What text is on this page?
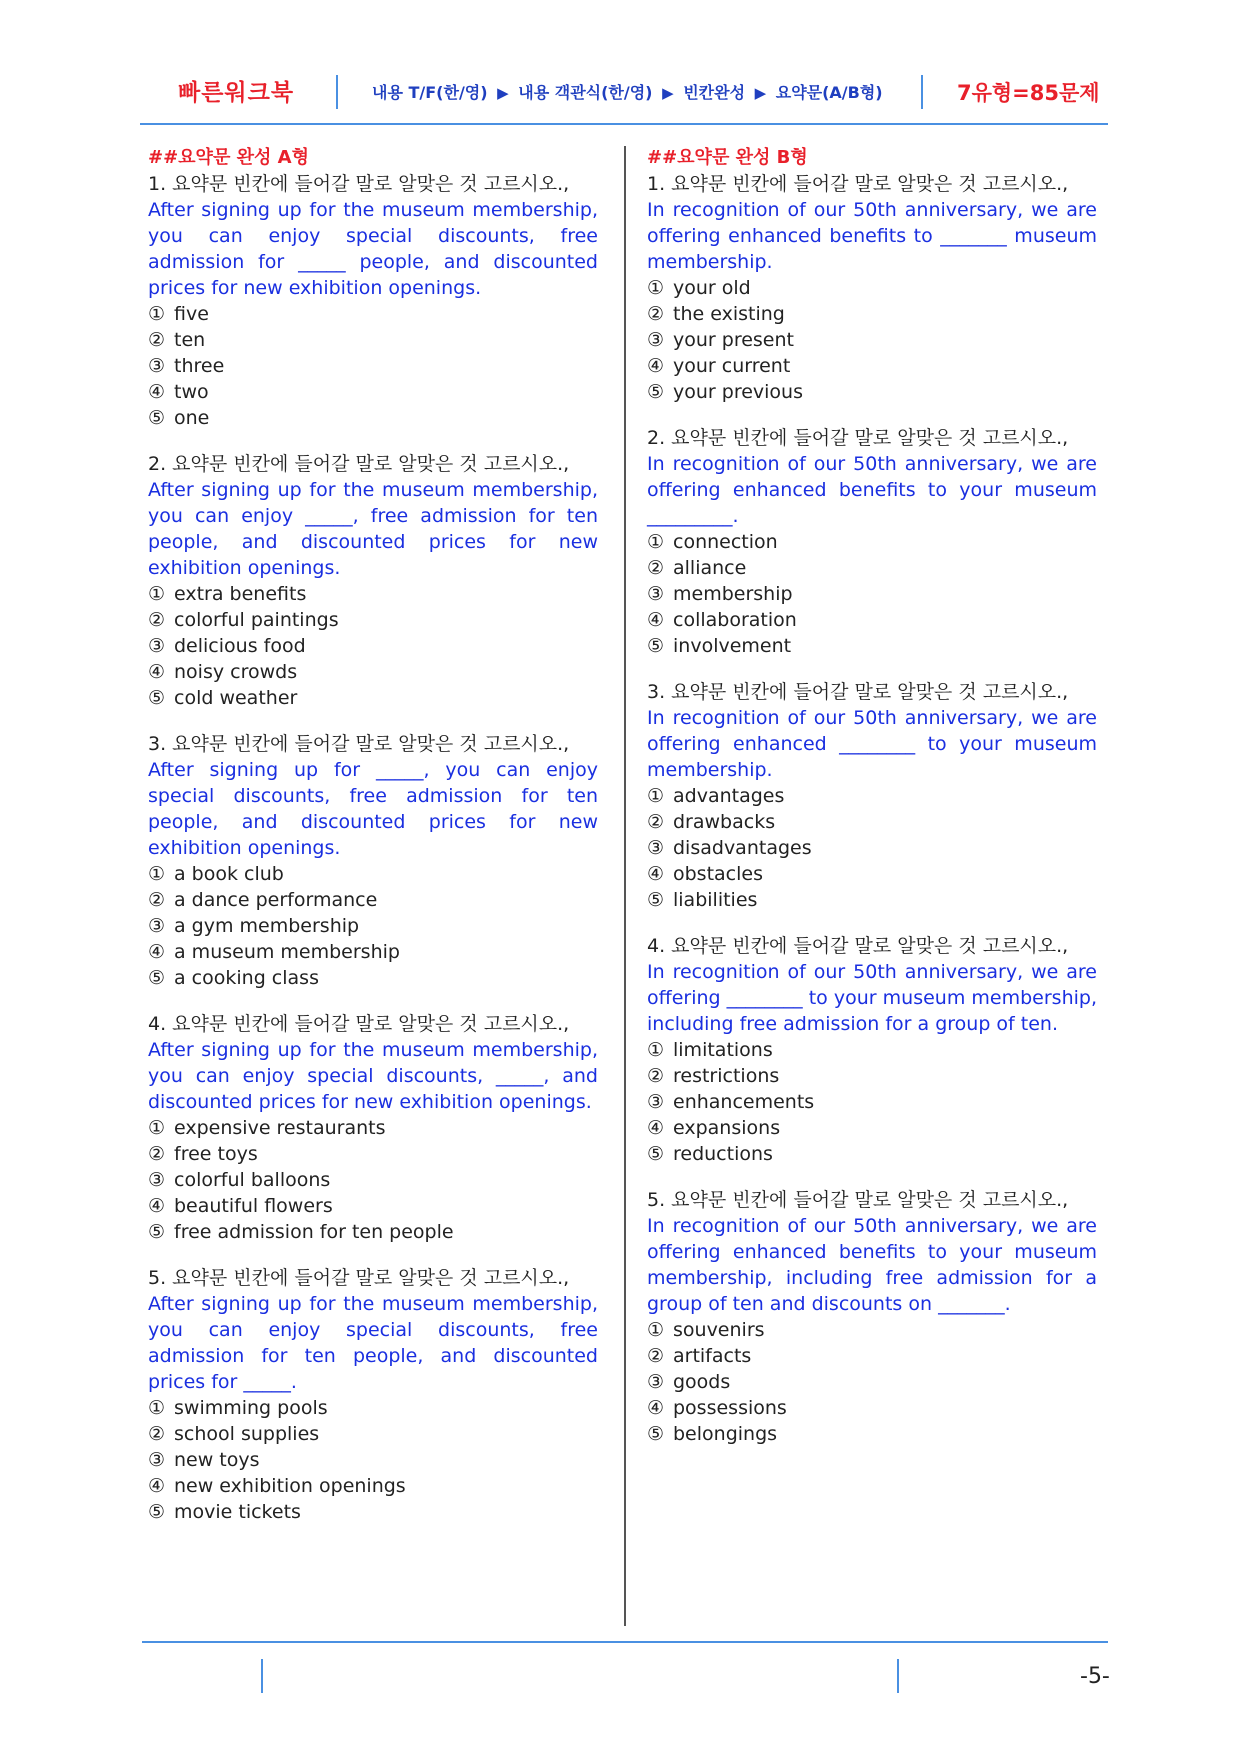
빠른워크북	내용 T/F(한/영) ▶ 내용 객관식(한/영) ▶ 빈칸완성 ▶ 요약문(A/B형)	7유형=85문제
##요약문 완성 A형
1. 요약문 빈칸에 들어갈 말로 알맞은 것 고르시오.,
After signing up for the museum membership, you can enjoy special discounts, free admission for _____ people, and discounted prices for new exhibition openings.
① five
② ten
③ three
④ two
⑤ one
2. 요약문 빈칸에 들어갈 말로 알맞은 것 고르시오.,
After signing up for the museum membership, you can enjoy _____, free admission for ten people, and discounted prices for new exhibition openings.
① extra benefits
② colorful paintings
③ delicious food
④ noisy crowds
⑤ cold weather
3. 요약문 빈칸에 들어갈 말로 알맞은 것 고르시오.,
After signing up for _____, you can enjoy special discounts, free admission for ten people, and discounted prices for new exhibition openings.
① a book club
② a dance performance
③ a gym membership
④ a museum membership
⑤ a cooking class
4. 요약문 빈칸에 들어갈 말로 알맞은 것 고르시오.,
After signing up for the museum membership, you can enjoy special discounts, _____, and discounted prices for new exhibition openings.
① expensive restaurants
② free toys
③ colorful balloons
④ beautiful flowers
⑤ free admission for ten people
5. 요약문 빈칸에 들어갈 말로 알맞은 것 고르시오.,
After signing up for the museum membership, you can enjoy special discounts, free admission for ten people, and discounted prices for _____.
① swimming pools
② school supplies
③ new toys
④ new exhibition openings
⑤ movie tickets
##요약문 완성 B형
1. 요약문 빈칸에 들어갈 말로 알맞은 것 고르시오.,
In recognition of our 50th anniversary, we are offering enhanced benefits to _______ museum membership.
① your old
② the existing
③ your present
④ your current
⑤ your previous
2. 요약문 빈칸에 들어갈 말로 알맞은 것 고르시오.,
In recognition of our 50th anniversary, we are offering enhanced benefits to your museum _________.
① connection
② alliance
③ membership
④ collaboration
⑤ involvement
3. 요약문 빈칸에 들어갈 말로 알맞은 것 고르시오.,
In recognition of our 50th anniversary, we are offering enhanced ________ to your museum membership.
① advantages
② drawbacks
③ disadvantages
④ obstacles
⑤ liabilities
4. 요약문 빈칸에 들어갈 말로 알맞은 것 고르시오.,
In recognition of our 50th anniversary, we are offering ________ to your museum membership, including free admission for a group of ten.
① limitations
② restrictions
③ enhancements
④ expansions
⑤ reductions
5. 요약문 빈칸에 들어갈 말로 알맞은 것 고르시오.,
In recognition of our 50th anniversary, we are offering enhanced benefits to your museum membership, including free admission for a group of ten and discounts on _______.
① souvenirs
② artifacts
③ goods
④ possessions
⑤ belongings
-5-
